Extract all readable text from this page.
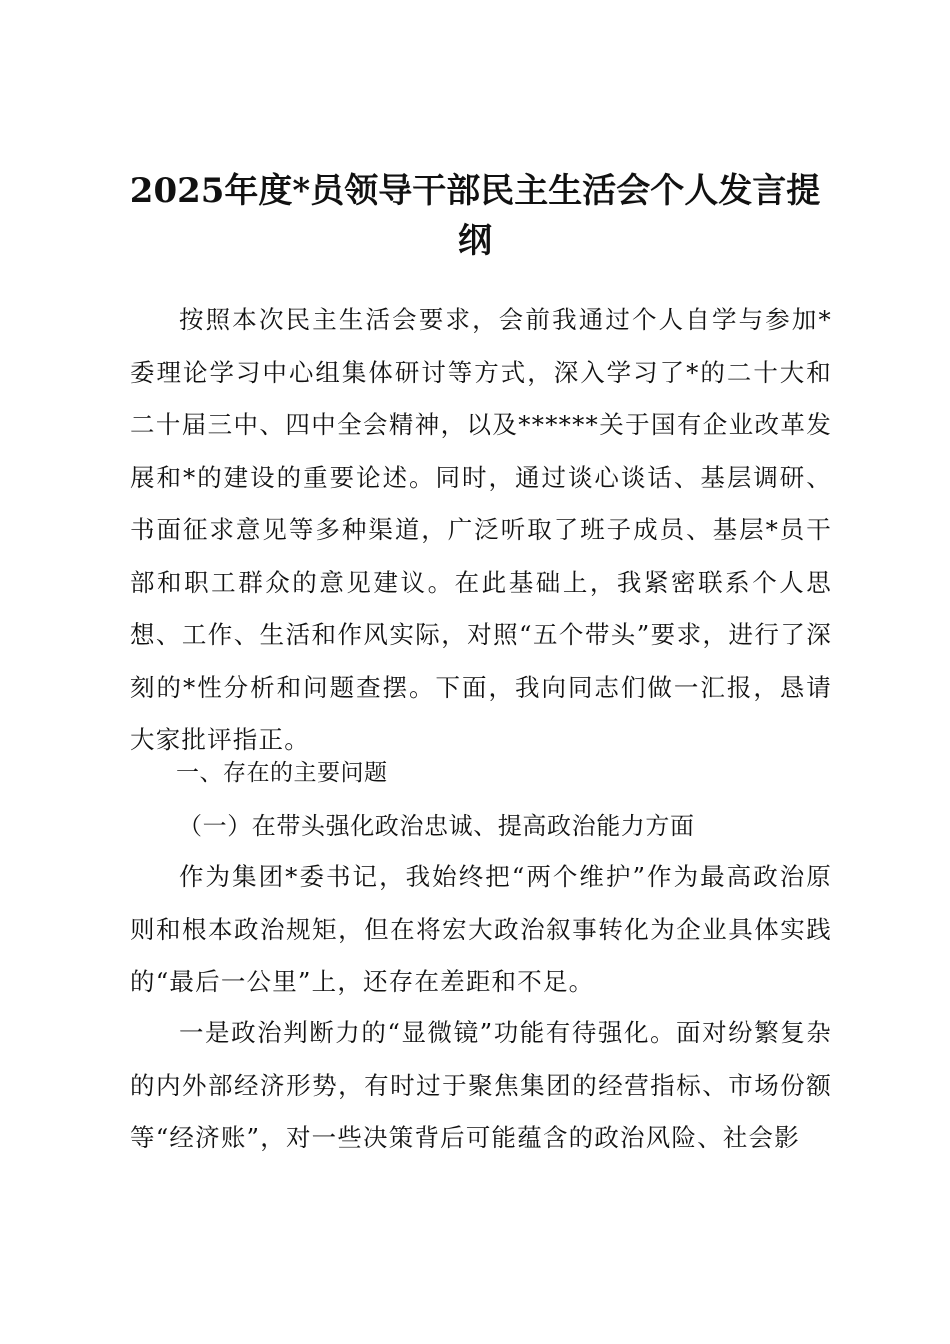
2025年度*员领导干部民主生活会个人发言提纲

按照本次民主生活会要求，会前我通过个人自学与参加*委理论学习中心组集体研讨等方式，深入学习了*的二十大和二十届三中、四中全会精神，以及******关于国有企业改革发展和*的建设的重要论述。同时，通过谈心谈话、基层调研、书面征求意见等多种渠道，广泛听取了班子成员、基层*员干部和职工群众的意见建议。在此基础上，我紧密联系个人思想、工作、生活和作风实际，对照“五个带头”要求，进行了深刻的*性分析和问题查摆。下面，我向同志们做一汇报，恳请大家批评指正。

一、存在的主要问题

（一）在带头强化政治忠诚、提高政治能力方面

作为集团*委书记，我始终把“两个维护”作为最高政治原则和根本政治规矩，但在将宏大政治叙事转化为企业具体实践的“最后一公里”上，还存在差距和不足。

一是政治判断力的“显微镜”功能有待强化。面对纷繁复杂的内外部经济形势，有时过于聚焦集团的经营指标、市场份额等“经济账”，对一些决策背后可能蕴含的政治风险、社会影
